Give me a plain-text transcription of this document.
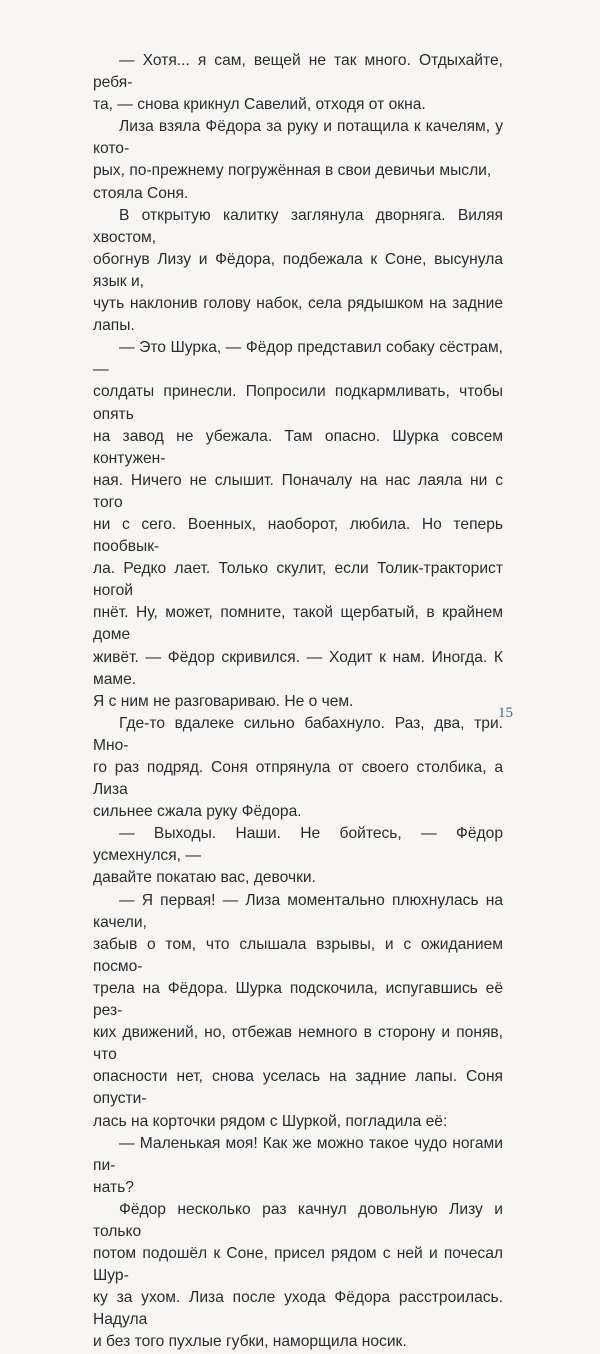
— Хотя... я сам, вещей не так много. Отдыхайте, ребя-
та, — снова крикнул Савелий, отходя от окна.

Лиза взяла Фёдора за руку и потащила к качелям, у кото-
рых, по-прежнему погружённая в свои девичьи мысли,
стояла Соня.

В открытую калитку заглянула дворняга. Виляя хвостом,
обогнув Лизу и Фёдора, подбежала к Соне, высунула язык и,
чуть наклонив голову набок, села рядышком на задние лапы.

— Это Шурка, — Фёдор представил собаку сёстрам, —
солдаты принесли. Попросили подкармливать, чтобы опять
на завод не убежала. Там опасно. Шурка совсем контужен-
ная. Ничего не слышит. Поначалу на нас лаяла ни с того
ни с сего. Военных, наоборот, любила. Но теперь пообвык-
ла. Редко лает. Только скулит, если Толик-тракторист ногой
пнёт. Ну, может, помните, такой щербатый, в крайнем доме
живёт. — Фёдор скривился. — Ходит к нам. Иногда. К маме.
Я с ним не разговариваю. Не о чем.

Где-то вдалеке сильно бабахнуло. Раз, два, три. Мно-
го раз подряд. Соня отпрянула от своего столбика, а Лиза
сильнее сжала руку Фёдора.

— Выходы. Наши. Не бойтесь, — Фёдор усмехнулся, —
давайте покатаю вас, девочки.

— Я первая! — Лиза моментально плюхнулась на качели,
забыв о том, что слышала взрывы, и с ожиданием посмо-
трела на Фёдора. Шурка подскочила, испугавшись её рез-
ких движений, но, отбежав немного в сторону и поняв, что
опасности нет, снова уселась на задние лапы. Соня опусти-
лась на корточки рядом с Шуркой, погладила её:

— Маленькая моя! Как же можно такое чудо ногами пи-
нать?

Фёдор несколько раз качнул довольную Лизу и только
потом подошёл к Соне, присел рядом с ней и почесал Шур-
ку за ухом. Лиза после ухода Фёдора расстроилась. Надула
и без того пухлые губки, наморщила носик.

15
